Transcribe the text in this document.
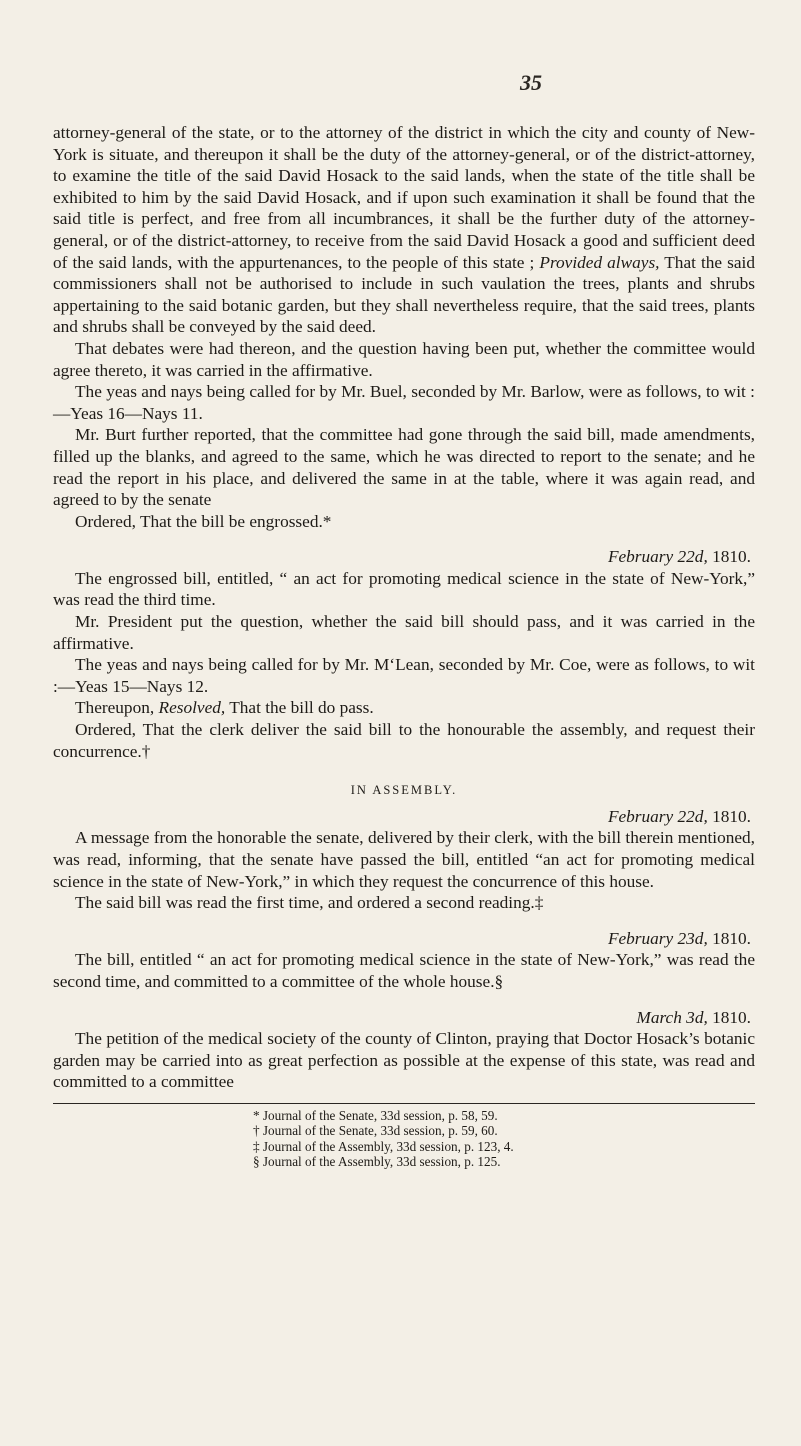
35

attorney-general of the state, or to the attorney of the district in which the city and county of New-York is situate, and thereupon it shall be the duty of the attorney-general, or of the district-attorney, to examine the title of the said David Hosack to the said lands, when the state of the title shall be exhibited to him by the said David Hosack, and if upon such examination it shall be found that the said title is perfect, and free from all incumbrances, it shall be the further duty of the attorney-general, or of the district-attorney, to receive from the said David Hosack a good and sufficient deed of the said lands, with the appurtenances, to the people of this state ; Provided always, That the said commissioners shall not be authorised to include in such vaulation the trees, plants and shrubs appertaining to the said botanic garden, but they shall nevertheless require, that the said trees, plants and shrubs shall be conveyed by the said deed.

That debates were had thereon, and the question having been put, whether the committee would agree thereto, it was carried in the affirmative.

The yeas and nays being called for by Mr. Buel, seconded by Mr. Barlow, were as follows, to wit :—Yeas 16—Nays 11.

Mr. Burt further reported, that the committee had gone through the said bill, made amendments, filled up the blanks, and agreed to the same, which he was directed to report to the senate; and he read the report in his place, and delivered the same in at the table, where it was again read, and agreed to by the senate

Ordered, That the bill be engrossed.*

February 22d, 1810.

The engrossed bill, entitled, “ an act for promoting medical science in the state of New-York,” was read the third time.

Mr. President put the question, whether the said bill should pass, and it was carried in the affirmative.

The yeas and nays being called for by Mr. M‘Lean, seconded by Mr. Coe, were as follows, to wit :—Yeas 15—Nays 12.

Thereupon, Resolved, That the bill do pass.

Ordered, That the clerk deliver the said bill to the honourable the assembly, and request their concurrence.†

IN ASSEMBLY.

February 22d, 1810.

A message from the honorable the senate, delivered by their clerk, with the bill therein mentioned, was read, informing, that the senate have passed the bill, entitled “an act for promoting medical science in the state of New-York,” in which they request the concurrence of this house.

The said bill was read the first time, and ordered a second reading.‡

February 23d, 1810.

The bill, entitled “ an act for promoting medical science in the state of New-York,” was read the second time, and committed to a committee of the whole house.§

March 3d, 1810.

The petition of the medical society of the county of Clinton, praying that Doctor Hosack’s botanic garden may be carried into as great perfection as possible at the expense of this state, was read and committed to a committee

* Journal of the Senate, 33d session, p. 58, 59.

† Journal of the Senate, 33d session, p. 59, 60.

‡ Journal of the Assembly, 33d session, p. 123, 4.

§ Journal of the Assembly, 33d session, p. 125.
